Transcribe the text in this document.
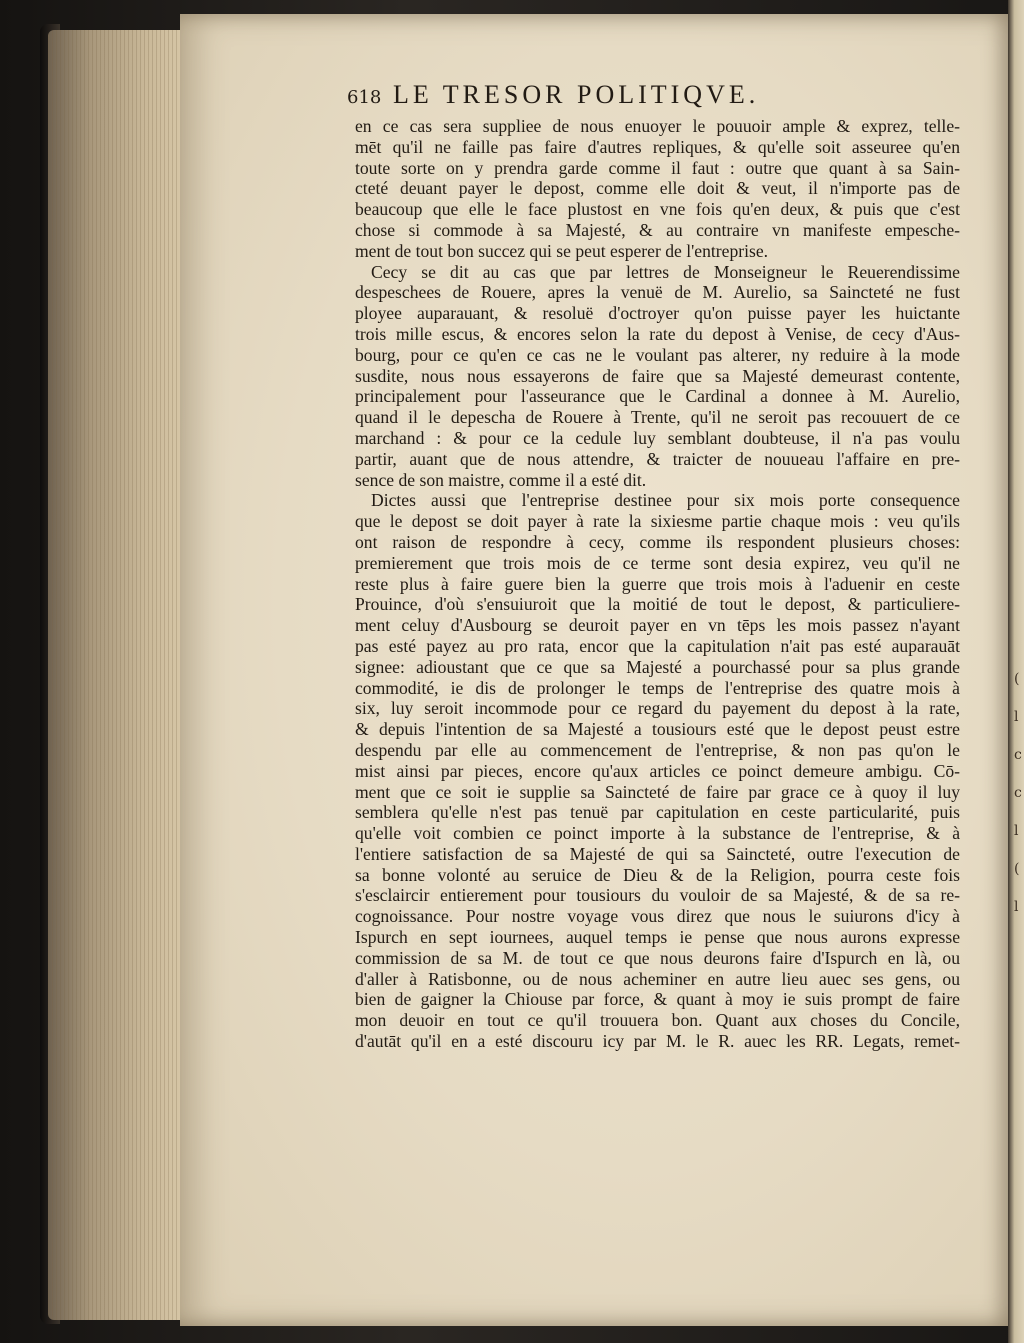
(
l
c
c
l
(
l
618 LE TRESOR POLITIQVE.
en ce cas sera suppliee de nous enuoyer le pouuoir ample & exprez, telle-
mēt qu'il ne faille pas faire d'autres repliques, & qu'elle soit asseuree qu'en
toute sorte on y prendra garde comme il faut : outre que quant à sa Sain-
cteté deuant payer le depost, comme elle doit & veut, il n'importe pas de
beaucoup que elle le face plustost en vne fois qu'en deux, & puis que c'est
chose si commode à sa Majesté, & au contraire vn manifeste empesche-
ment de tout bon succez qui se peut esperer de l'entreprise.
Cecy se dit au cas que par lettres de Monseigneur le Reuerendissime
despeschees de Rouere, apres la venuë de M. Aurelio, sa Saincteté ne fust
ployee auparauant, & resoluë d'octroyer qu'on puisse payer les huictante
trois mille escus, & encores selon la rate du depost à Venise, de cecy d'Aus-
bourg, pour ce qu'en ce cas ne le voulant pas alterer, ny reduire à la mode
susdite, nous nous essayerons de faire que sa Majesté demeurast contente,
principalement pour l'asseurance que le Cardinal a donnee à M. Aurelio,
quand il le depescha de Rouere à Trente, qu'il ne seroit pas recouuert de ce
marchand : & pour ce la cedule luy semblant doubteuse, il n'a pas voulu
partir, auant que de nous attendre, & traicter de nouueau l'affaire en pre-
sence de son maistre, comme il a esté dit.
Dictes aussi que l'entreprise destinee pour six mois porte consequence
que le depost se doit payer à rate la sixiesme partie chaque mois : veu qu'ils
ont raison de respondre à cecy, comme ils respondent plusieurs choses:
premierement que trois mois de ce terme sont desia expirez, veu qu'il ne
reste plus à faire guere bien la guerre que trois mois à l'aduenir en ceste
Prouince, d'où s'ensuiuroit que la moitié de tout le depost, & particuliere-
ment celuy d'Ausbourg se deuroit payer en vn tēps les mois passez n'ayant
pas esté payez au pro rata, encor que la capitulation n'ait pas esté auparauāt
signee: adioustant que ce que sa Majesté a pourchassé pour sa plus grande
commodité, ie dis de prolonger le temps de l'entreprise des quatre mois à
six, luy seroit incommode pour ce regard du payement du depost à la rate,
& depuis l'intention de sa Majesté a tousiours esté que le depost peust estre
despendu par elle au commencement de l'entreprise, & non pas qu'on le
mist ainsi par pieces, encore qu'aux articles ce poinct demeure ambigu. Cō-
ment que ce soit ie supplie sa Saincteté de faire par grace ce à quoy il luy
semblera qu'elle n'est pas tenuë par capitulation en ceste particularité, puis
qu'elle voit combien ce poinct importe à la substance de l'entreprise, & à
l'entiere satisfaction de sa Majesté de qui sa Saincteté, outre l'execution de
sa bonne volonté au seruice de Dieu & de la Religion, pourra ceste fois
s'esclaircir entierement pour tousiours du vouloir de sa Majesté, & de sa re-
cognoissance. Pour nostre voyage vous direz que nous le suiurons d'icy à
Ispurch en sept iournees, auquel temps ie pense que nous aurons expresse
commission de sa M. de tout ce que nous deurons faire d'Ispurch en là, ou
d'aller à Ratisbonne, ou de nous acheminer en autre lieu auec ses gens, ou
bien de gaigner la Chiouse par force, & quant à moy ie suis prompt de faire
mon deuoir en tout ce qu'il trouuera bon. Quant aux choses du Concile,
d'autāt qu'il en a esté discouru icy par M. le R. auec les RR. Legats, remet-
